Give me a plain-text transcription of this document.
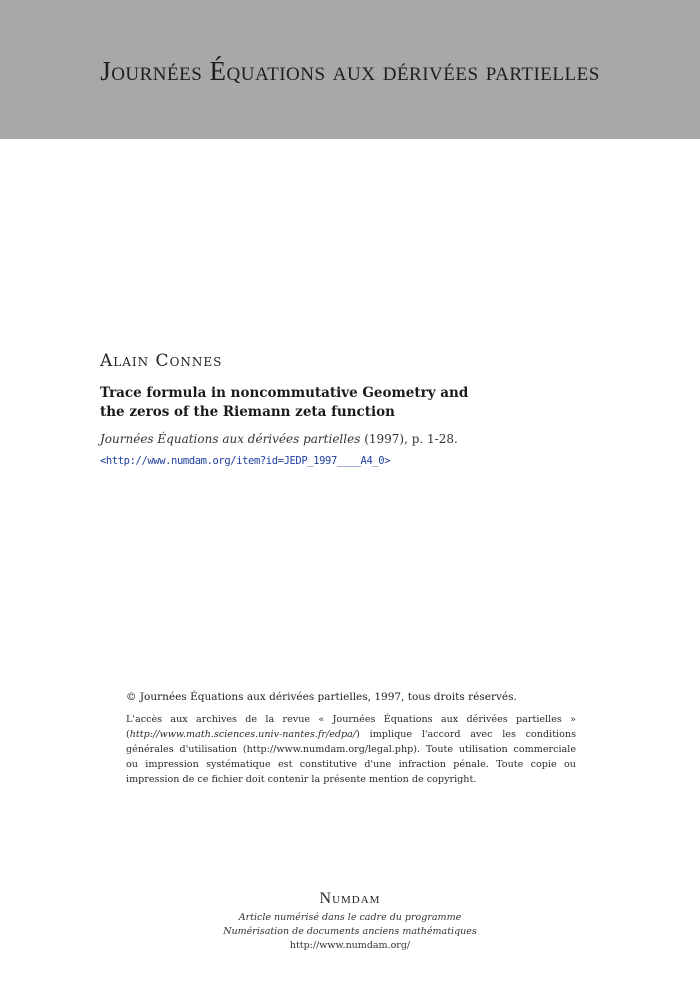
Journées Équations aux dérivées partielles
Alain Connes
Trace formula in noncommutative Geometry and the zeros of the Riemann zeta function
Journées Équations aux dérivées partielles (1997), p. 1-28.
<http://www.numdam.org/item?id=JEDP_1997____A4_0>
© Journées Équations aux dérivées partielles, 1997, tous droits réservés.
L'accès aux archives de la revue « Journées Équations aux dérivées partielles » (http://www.math.sciences.univ-nantes.fr/edpa/) implique l'accord avec les conditions générales d'utilisation (http://www.numdam.org/legal.php). Toute utilisation commerciale ou impression systématique est constitutive d'une infraction pénale. Toute copie ou impression de ce fichier doit contenir la présente mention de copyright.
Numdam
Article numérisé dans le cadre du programme
Numérisation de documents anciens mathématiques
http://www.numdam.org/
